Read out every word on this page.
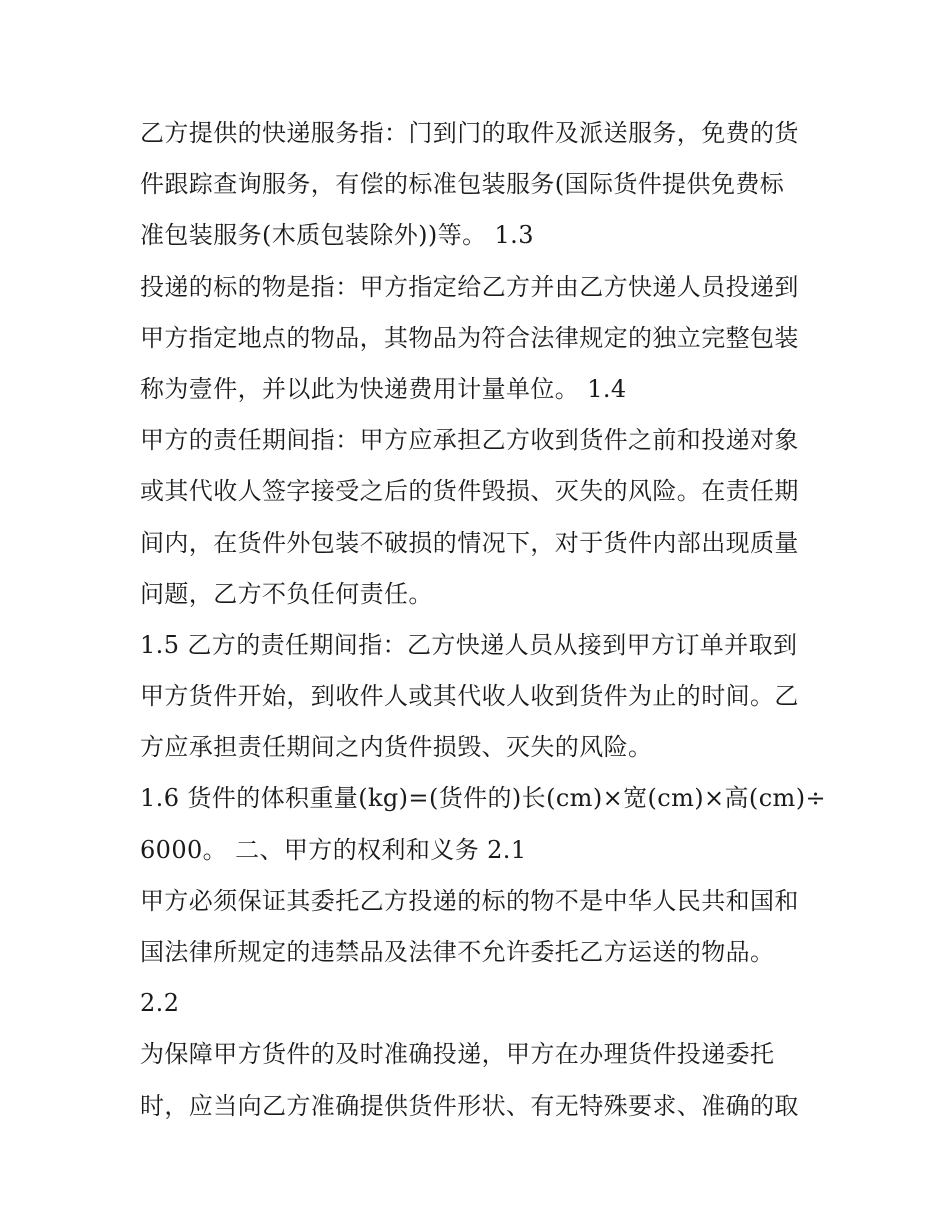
乙方提供的快递服务指：门到门的取件及派送服务，免费的货
件跟踪查询服务，有偿的标准包装服务(国际货件提供免费标
准包装服务(木质包装除外))等。 1.3
投递的标的物是指：甲方指定给乙方并由乙方快递人员投递到
甲方指定地点的物品，其物品为符合法律规定的独立完整包装
称为壹件，并以此为快递费用计量单位。 1.4
甲方的责任期间指：甲方应承担乙方收到货件之前和投递对象
或其代收人签字接受之后的货件毁损、灭失的风险。在责任期
间内，在货件外包装不破损的情况下，对于货件内部出现质量
问题，乙方不负任何责任。
1.5 乙方的责任期间指：乙方快递人员从接到甲方订单并取到
甲方货件开始，到收件人或其代收人收到货件为止的时间。乙
方应承担责任期间之内货件损毁、灭失的风险。
1.6 货件的体积重量(kg)=(货件的)长(cm)×宽(cm)×高(cm)÷
6000。 二、甲方的权利和义务 2.1
甲方必须保证其委托乙方投递的标的物不是中华人民共和国和
国法律所规定的违禁品及法律不允许委托乙方运送的物品。
2.2
为保障甲方货件的及时准确投递，甲方在办理货件投递委托
时，应当向乙方准确提供货件形状、有无特殊要求、准确的取
